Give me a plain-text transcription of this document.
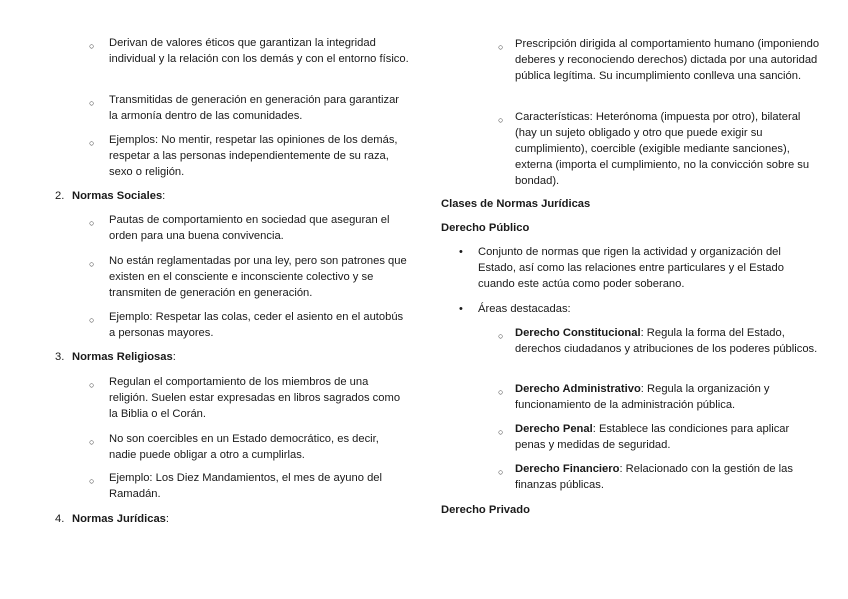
○ Derivan de valores éticos que garantizan la integridad individual y la relación con los demás y con el entorno físico.
○ Transmitidas de generación en generación para garantizar la armonía dentro de las comunidades.
○ Ejemplos: No mentir, respetar las opiniones de los demás, respetar a las personas independientemente de su raza, sexo o religión.
2. Normas Sociales:
○ Pautas de comportamiento en sociedad que aseguran el orden para una buena convivencia.
○ No están reglamentadas por una ley, pero son patrones que existen en el consciente e inconsciente colectivo y se transmiten de generación en generación.
○ Ejemplo: Respetar las colas, ceder el asiento en el autobús a personas mayores.
3. Normas Religiosas:
○ Regulan el comportamiento de los miembros de una religión. Suelen estar expresadas en libros sagrados como la Biblia o el Corán.
○ No son coercibles en un Estado democrático, es decir, nadie puede obligar a otro a cumplirlas.
○ Ejemplo: Los Diez Mandamientos, el mes de ayuno del Ramadán.
4. Normas Jurídicas:
○ Prescripción dirigida al comportamiento humano (imponiendo deberes y reconociendo derechos) dictada por una autoridad pública legítima. Su incumplimiento conlleva una sanción.
○ Características: Heterónoma (impuesta por otro), bilateral (hay un sujeto obligado y otro que puede exigir su cumplimiento), coercible (exigible mediante sanciones), externa (importa el cumplimiento, no la convicción sobre su bondad).
Clases de Normas Jurídicas
Derecho Público
• Conjunto de normas que rigen la actividad y organización del Estado, así como las relaciones entre particulares y el Estado cuando este actúa como poder soberano.
• Áreas destacadas:
○ Derecho Constitucional: Regula la forma del Estado, derechos ciudadanos y atribuciones de los poderes públicos.
○ Derecho Administrativo: Regula la organización y funcionamiento de la administración pública.
○ Derecho Penal: Establece las condiciones para aplicar penas y medidas de seguridad.
○ Derecho Financiero: Relacionado con la gestión de las finanzas públicas.
Derecho Privado
